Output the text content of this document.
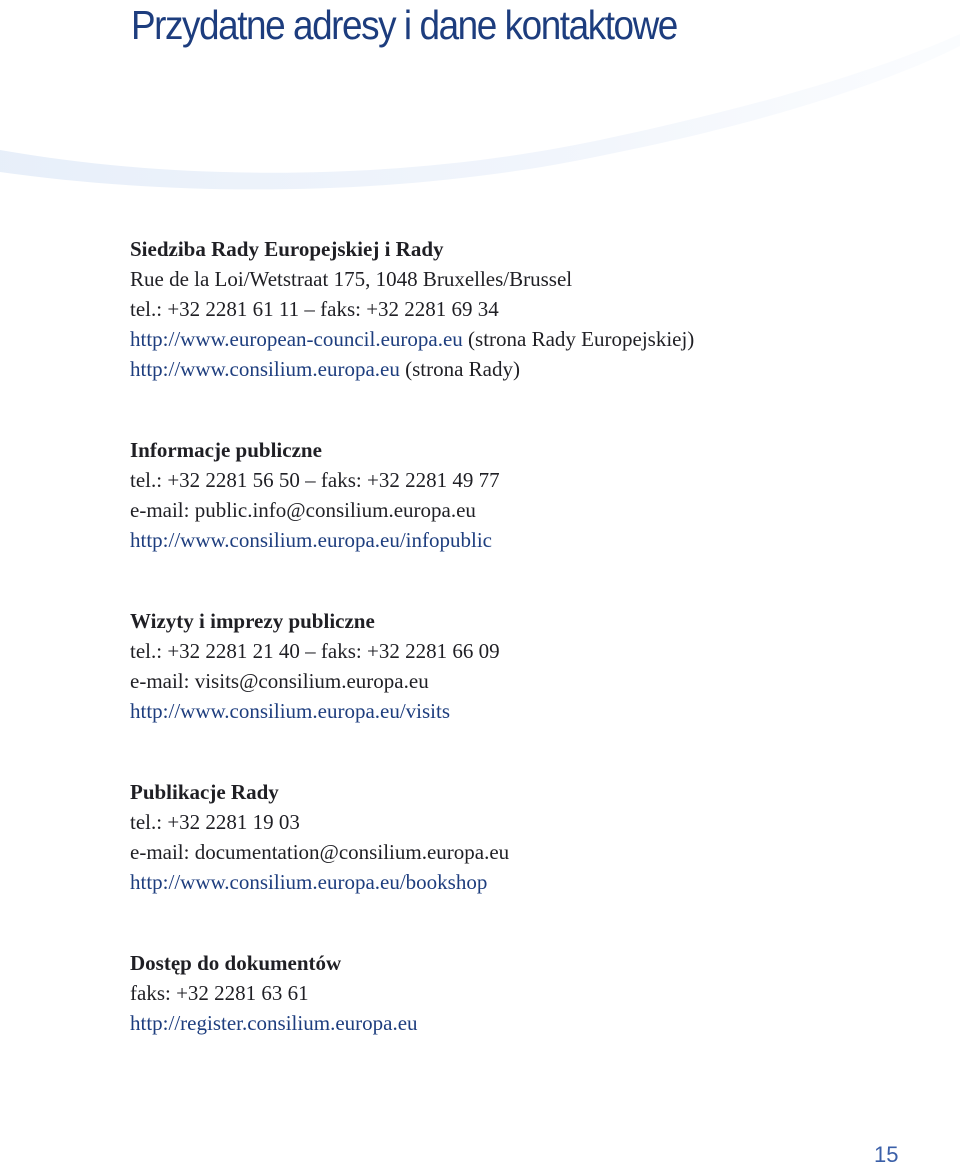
Przydatne adresy i dane kontaktowe
Siedziba Rady Europejskiej i Rady
Rue de la Loi/Wetstraat 175, 1048 Bruxelles/Brussel
tel.: +32 2281 61 11 – faks: +32 2281 69 34
http://www.european-council.europa.eu (strona Rady Europejskiej)
http://www.consilium.europa.eu (strona Rady)
Informacje publiczne
tel.: +32 2281 56 50 – faks: +32 2281 49 77
e-mail: public.info@consilium.europa.eu
http://www.consilium.europa.eu/infopublic
Wizyty i imprezy publiczne
tel.: +32 2281 21 40 – faks: +32 2281 66 09
e-mail: visits@consilium.europa.eu
http://www.consilium.europa.eu/visits
Publikacje Rady
tel.: +32 2281 19 03
e-mail: documentation@consilium.europa.eu
http://www.consilium.europa.eu/bookshop
Dostęp do dokumentów
faks: +32 2281 63 61
http://register.consilium.europa.eu
15
